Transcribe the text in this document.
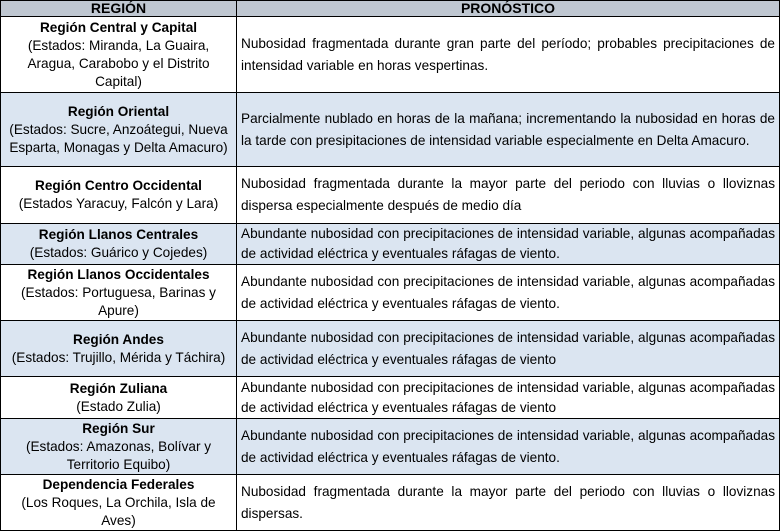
REGIÓN	PRONÓSTICO

Región Central y Capital
(Estados: Miranda, La Guaira, Aragua, Carabobo y el Distrito Capital)	Nubosidad fragmentada durante gran parte del período; probables precipitaciones de intensidad variable en horas vespertinas.

Región Oriental
(Estados: Sucre, Anzoátegui, Nueva Esparta, Monagas y Delta Amacuro)	Parcialmente nublado en horas de la mañana; incrementando la nubosidad en horas de la tarde con presipitaciones de intensidad variable especialmente en Delta Amacuro.

Región Centro Occidental
(Estados Yaracuy, Falcón y Lara)	Nubosidad fragmentada durante la mayor parte del periodo con lluvias o lloviznas dispersa especialmente después de medio día

Región Llanos Centrales
(Estados: Guárico y Cojedes)	Abundante nubosidad con precipitaciones de intensidad variable, algunas acompañadas de actividad eléctrica y eventuales ráfagas de viento.

Región Llanos Occidentales
(Estados: Portuguesa, Barinas y Apure)	Abundante nubosidad con precipitaciones de intensidad variable, algunas acompañadas de actividad eléctrica y eventuales ráfagas de viento.

Región Andes
(Estados: Trujillo, Mérida y Táchira)	Abundante nubosidad con precipitaciones de intensidad variable, algunas acompañadas de actividad eléctrica y eventuales ráfagas de viento

Región Zuliana
(Estado Zulia)	Abundante nubosidad con precipitaciones de intensidad variable, algunas acompañadas de actividad eléctrica y eventuales ráfagas de viento

Región Sur
(Estados: Amazonas, Bolívar y Territorio Equibo)	Abundante nubosidad con precipitaciones de intensidad variable, algunas acompañadas de actividad eléctrica y eventuales ráfagas de viento.

Dependencia Federales
(Los Roques, La Orchila, Isla de Aves)	Nubosidad fragmentada durante la mayor parte del periodo con lluvias o lloviznas dispersas.
